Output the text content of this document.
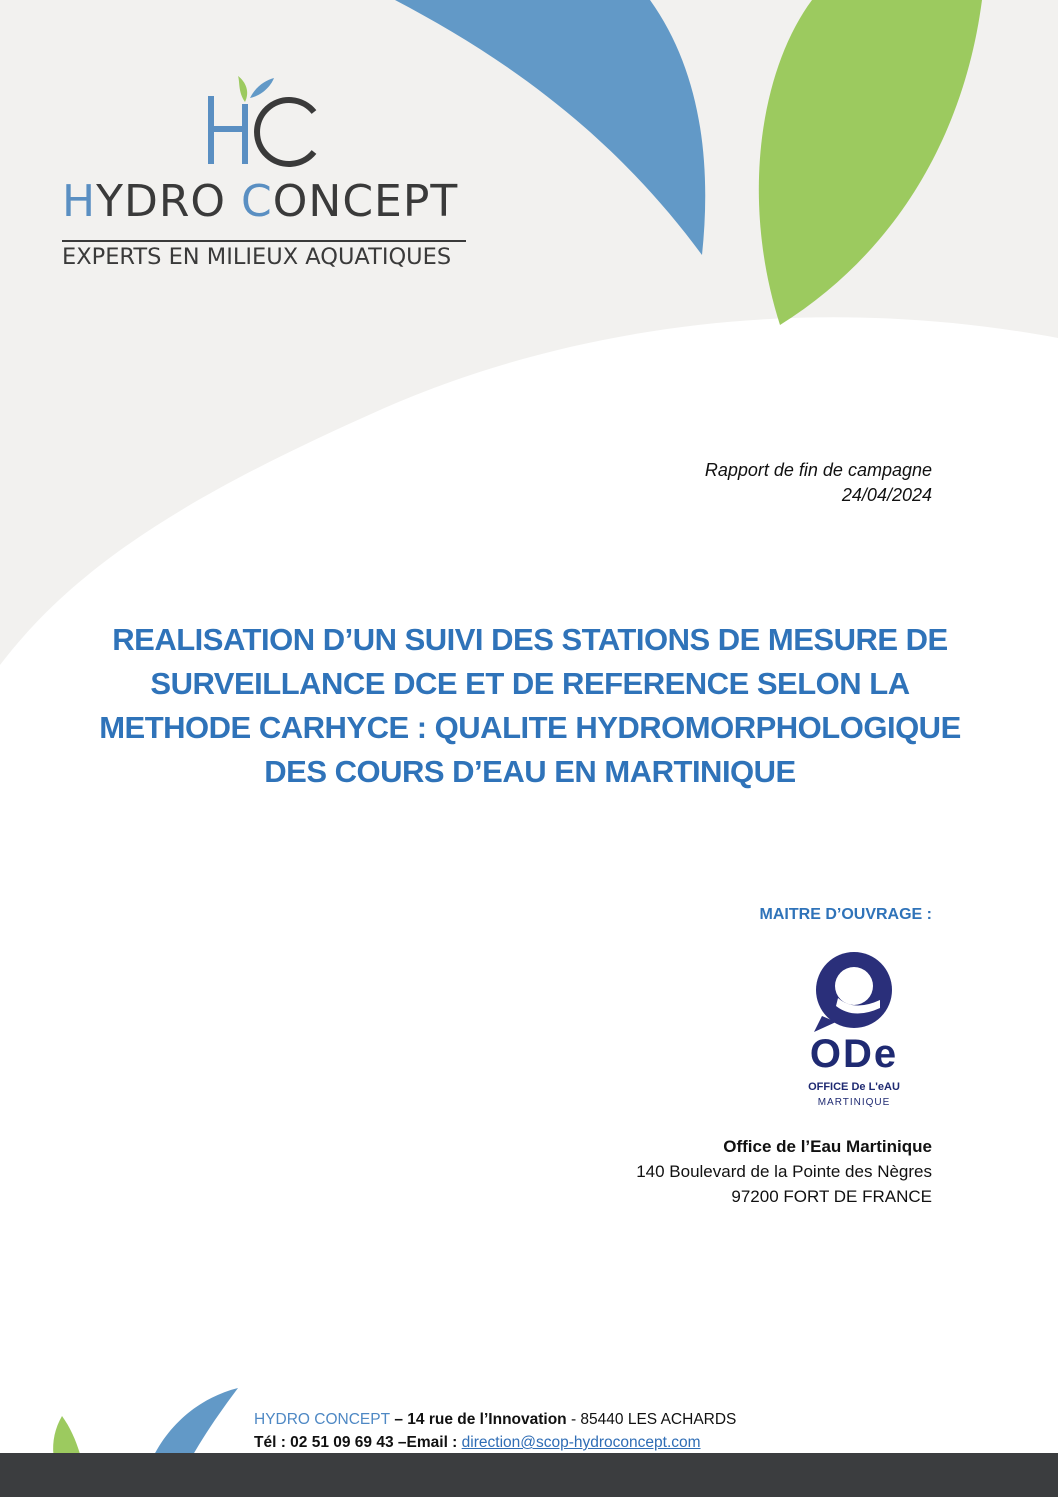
HYDRO CONCEPT
EXPERTS EN MILIEUX AQUATIQUES
Rapport de fin de campagne
24/04/2024
REALISATION D’UN SUIVI DES STATIONS DE MESURE DE SURVEILLANCE DCE ET DE REFERENCE SELON LA METHODE CARHYCE : QUALITE HYDROMORPHOLOGIQUE DES COURS D’EAU EN MARTINIQUE
MAITRE D’OUVRAGE :
ODe
OFFICE De L'eAU
MARTINIQUE
Office de l’Eau Martinique
140 Boulevard de la Pointe des Nègres
97200 FORT DE FRANCE
HYDRO CONCEPT – 14 rue de l’Innovation - 85440 LES ACHARDS
Tél : 02 51 09 69 43 –Email : direction@scop-hydroconcept.com
